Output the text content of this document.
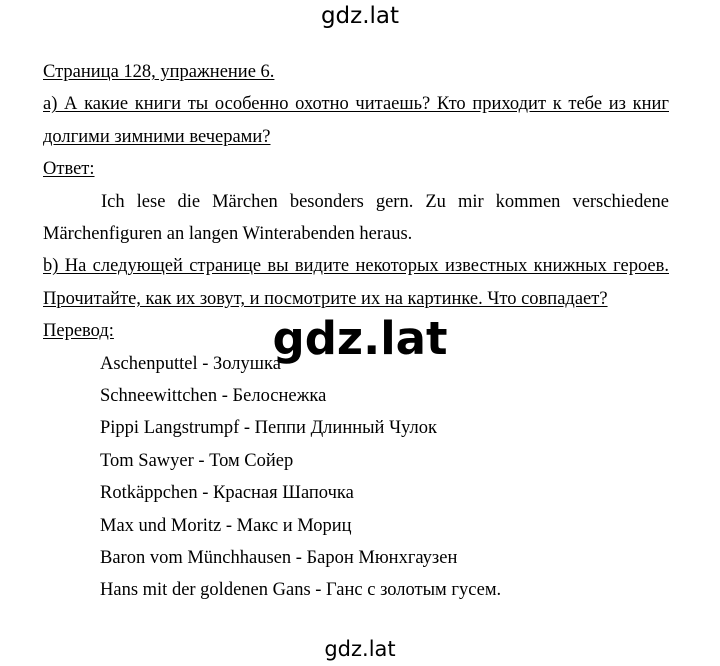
gdz.lat
Страница 128, упражнение 6.
а) А какие книги ты особенно охотно читаешь? Кто приходит к тебе из книг
долгими зимними вечерами?
Ответ:
Ich lese die Märchen besonders gern. Zu mir kommen verschiedene
Märchenfiguren an langen Winterabenden heraus.
b) На следующей странице вы видите некоторых известных книжных героев.
Прочитайте, как их зовут, и посмотрите их на картинке. Что совпадает?
Перевод:
Aschenputtel - Золушка
Schneewittchen - Белоснежка
Pippi Langstrumpf - Пеппи Длинный Чулок
Tom Sawyer - Том Сойер
Rotkäppchen - Красная Шапочка
Max und Moritz - Макс и Мориц
Baron vom Münchhausen - Барон Мюнхгаузен
Hans mit der goldenen Gans - Ганс с золотым гусем.
gdz.lat
gdz.lat
